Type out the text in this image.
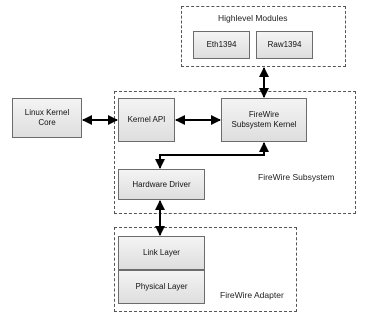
Highlevel Modules
FireWire Subsystem
FireWire Adapter
Eth1394	Raw1394
Linux Kernel
Core	Kernel API
FireWire
Subsystem Kernel
Hardware Driver
Link Layer
Physical Layer
